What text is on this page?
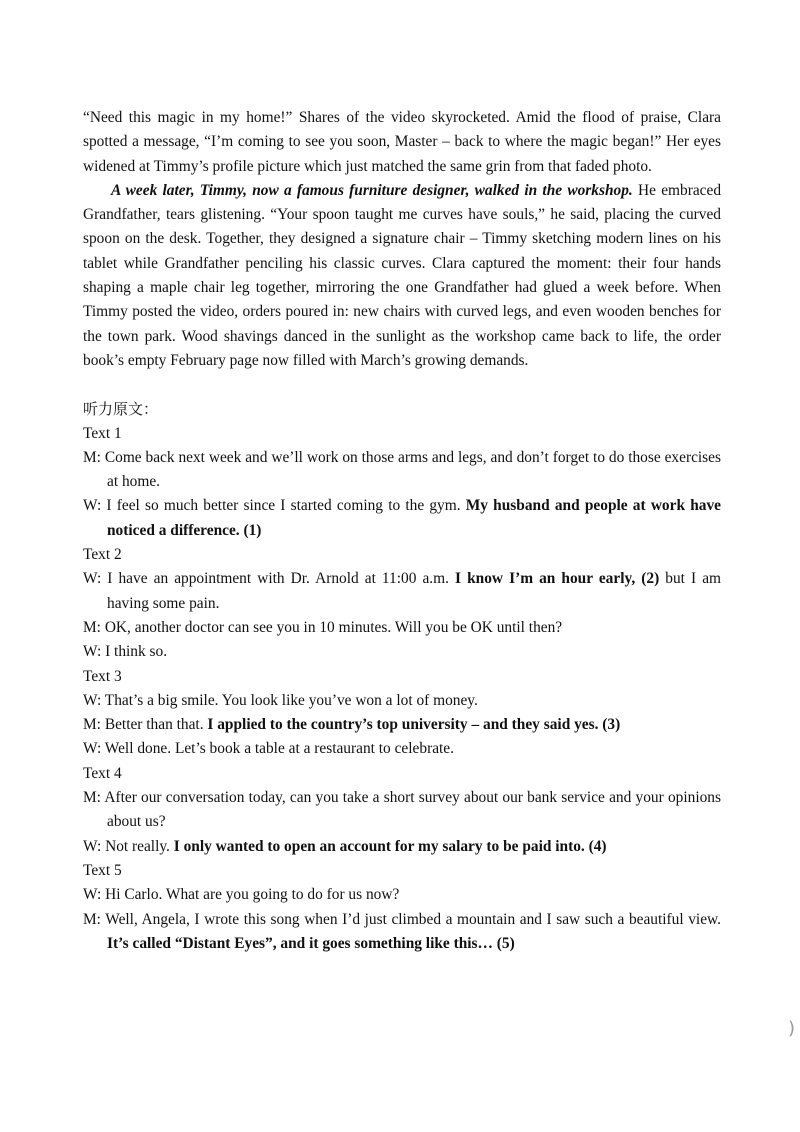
“Need this magic in my home!” Shares of the video skyrocketed. Amid the flood of praise, Clara spotted a message, “I’m coming to see you soon, Master – back to where the magic began!” Her eyes widened at Timmy’s profile picture which just matched the same grin from that faded photo.

A week later, Timmy, now a famous furniture designer, walked in the workshop. He embraced Grandfather, tears glistening. “Your spoon taught me curves have souls,” he said, placing the curved spoon on the desk. Together, they designed a signature chair – Timmy sketching modern lines on his tablet while Grandfather penciling his classic curves. Clara captured the moment: their four hands shaping a maple chair leg together, mirroring the one Grandfather had glued a week before. When Timmy posted the video, orders poured in: new chairs with curved legs, and even wooden benches for the town park. Wood shavings danced in the sunlight as the workshop came back to life, the order book’s empty February page now filled with March’s growing demands.

听力原文：

Text 1

M: Come back next week and we’ll work on those arms and legs, and don’t forget to do those exercises at home.

W: I feel so much better since I started coming to the gym. My husband and people at work have noticed a difference. (1)

Text 2

W: I have an appointment with Dr. Arnold at 11:00 a.m. I know I’m an hour early, (2) but I am having some pain.

M: OK, another doctor can see you in 10 minutes. Will you be OK until then?

W: I think so.

Text 3

W: That’s a big smile. You look like you’ve won a lot of money.

M: Better than that. I applied to the country’s top university – and they said yes. (3)

W: Well done. Let’s book a table at a restaurant to celebrate.

Text 4

M: After our conversation today, can you take a short survey about our bank service and your opinions about us?

W: Not really. I only wanted to open an account for my salary to be paid into. (4)

Text 5

W: Hi Carlo. What are you going to do for us now?

M: Well, Angela, I wrote this song when I’d just climbed a mountain and I saw such a beautiful view. It’s called “Distant Eyes”, and it goes something like this… (5)

)
